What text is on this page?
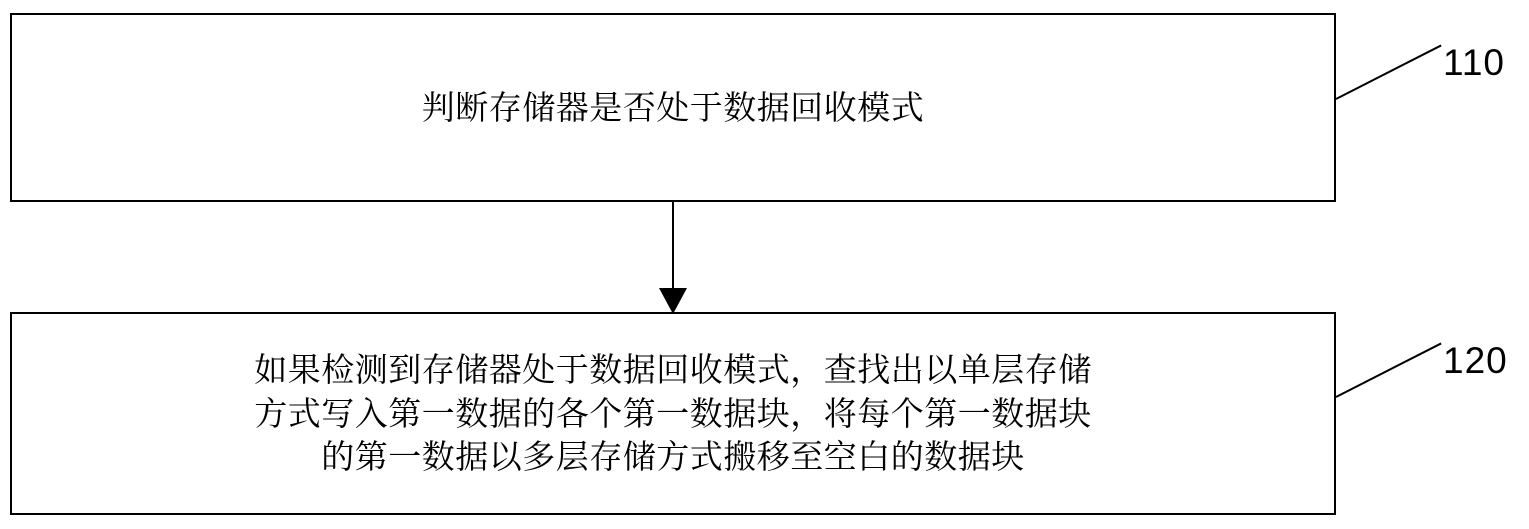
判断存储器是否处于数据回收模式
如果检测到存储器处于数据回收模式，查找出以单层存储
方式写入第一数据的各个第一数据块，将每个第一数据块
的第一数据以多层存储方式搬移至空白的数据块
110
120
